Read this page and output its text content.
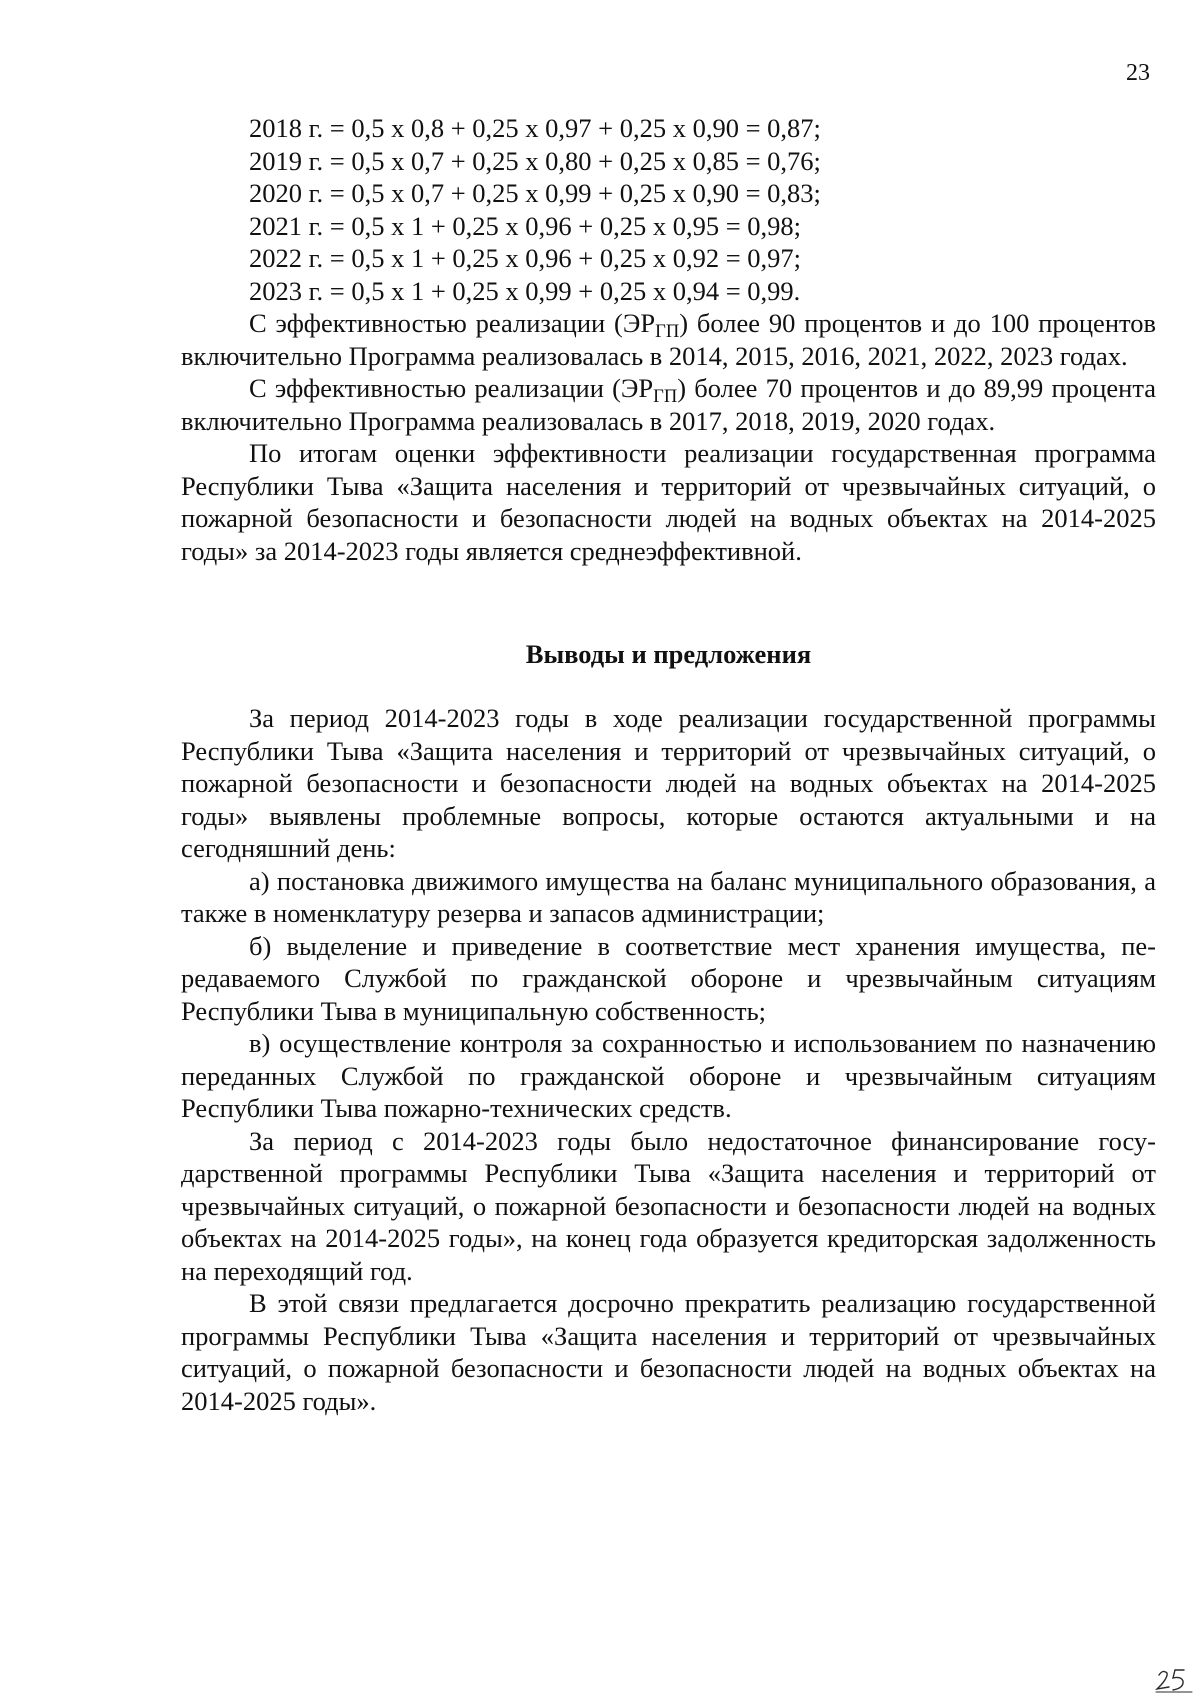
23

2018 г. = 0,5 х 0,8 + 0,25 х 0,97 + 0,25 х 0,90 = 0,87;

2019 г. = 0,5 х 0,7 + 0,25 х 0,80 + 0,25 х 0,85 = 0,76;

2020 г. = 0,5 х 0,7 + 0,25 х 0,99 + 0,25 х 0,90 = 0,83;

2021 г. = 0,5 х 1 + 0,25 х 0,96 + 0,25 х 0,95 = 0,98;

2022 г. = 0,5 х 1 + 0,25 х 0,96 + 0,25 х 0,92 = 0,97;

2023 г. = 0,5 х 1 + 0,25 х 0,99 + 0,25 х 0,94 = 0,99.

С эффективностью реализации $(ЭР_{ГП})$ более 90 процентов и до 100 процентов включительно Программа реализовалась в 2014, 2015, 2016, 2021, 2022, 2023 годах.

С эффективностью реализации $(ЭР_{ГП})$ более 70 процентов и до 89,99 процента включительно Программа реализовалась в 2017, 2018, 2019, 2020 годах.

По итогам оценки эффективности реализации государственная программа Республики Тыва «Защита населения и территорий от чрезвычайных ситуаций, о пожарной безопасности и безопасности людей на водных объектах на 2014-2025 годы» за 2014-2023 годы является среднеэффективной.

Выводы и предложения

За период 2014-2023 годы в ходе реализации государственной программы Республики Тыва «Защита населения и территорий от чрезвычайных ситуаций, о пожарной безопасности и безопасности людей на водных объектах на 2014-2025 годы» выявлены проблемные вопросы, которые остаются актуальными и на сегодняшний день:

а) постановка движимого имущества на баланс муниципального образования, а также в номенклатуру резерва и запасов администрации;

б) выделение и приведение в соответствие мест хранения имущества, передаваемого Службой по гражданской обороне и чрезвычайным ситуациям Республики Тыва в муниципальную собственность;

в) осуществление контроля за сохранностью и использованием по назначению переданных Службой по гражданской обороне и чрезвычайным ситуациям Республики Тыва пожарно-технических средств.

За период с 2014-2023 годы было недостаточное финансирование государственной программы Республики Тыва «Защита населения и территорий от чрезвычайных ситуаций, о пожарной безопасности и безопасности людей на водных объектах на 2014-2025 годы», на конец года образуется кредиторская задолженность на переходящий год.

В этой связи предлагается досрочно прекратить реализацию государственной программы Республики Тыва «Защита населения и территорий от чрезвычайных ситуаций, о пожарной безопасности и безопасности людей на водных объектах на 2014-2025 годы».
